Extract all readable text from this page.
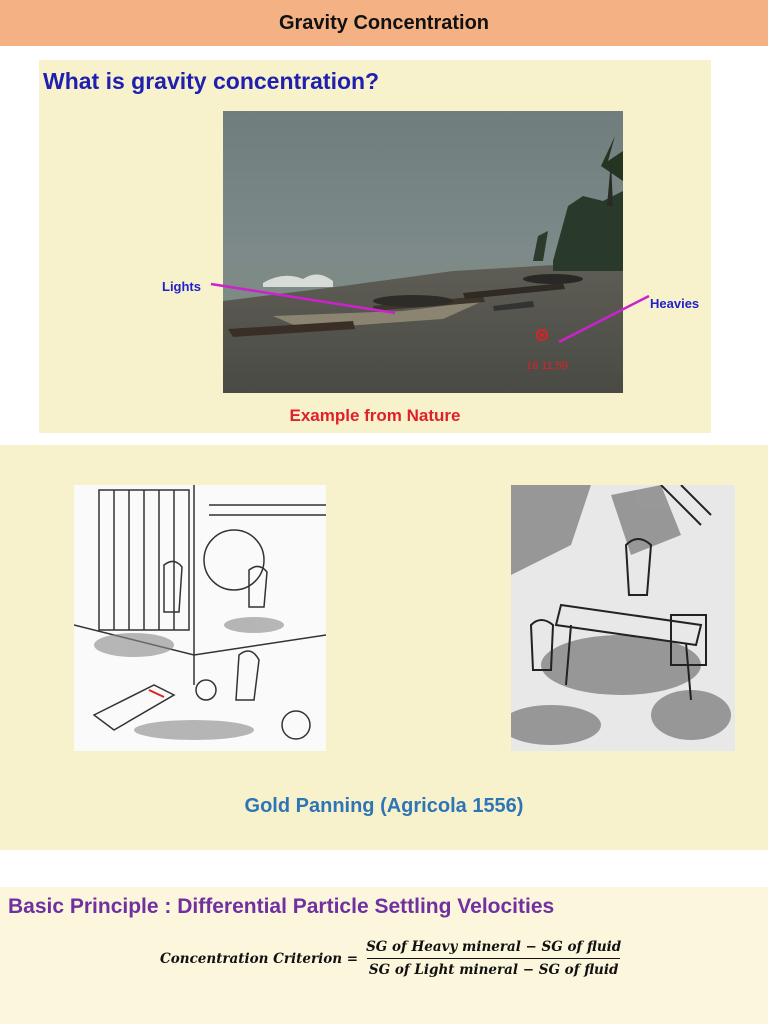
Gravity Concentration
What is gravity concentration?
16 11:59
Lights
Heavies
Example from Nature
Gold Panning (Agricola 1556)
Basic Principle : Differential Particle Settling Velocities
Concentration Criterion = $\frac{\text{SG of Heavy mineral − SG of fluid}}{\text{SG of Light mineral − SG of fluid}}$
